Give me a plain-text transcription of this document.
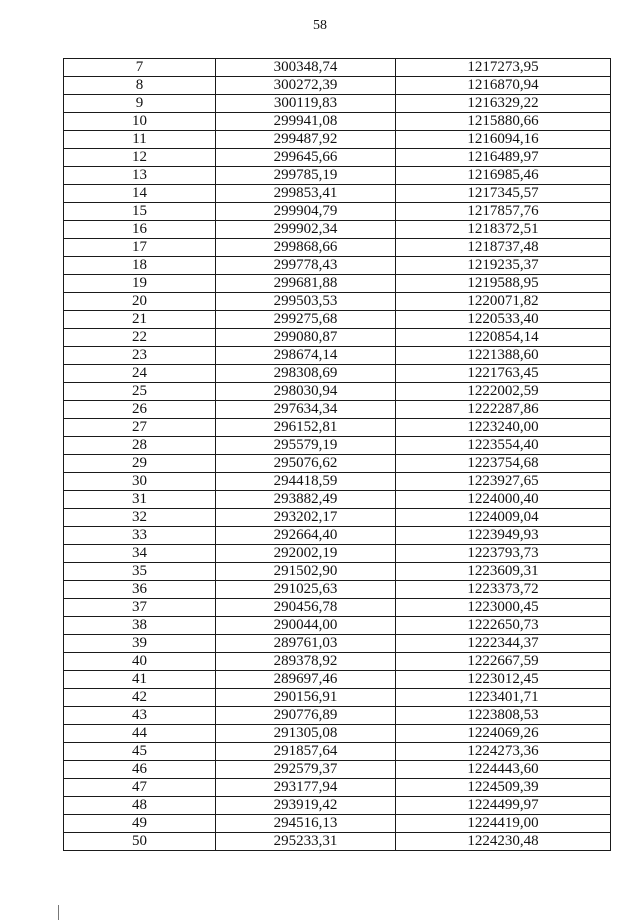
58
7	300348,74	1217273,95
8	300272,39	1216870,94
9	300119,83	1216329,22
10	299941,08	1215880,66
11	299487,92	1216094,16
12	299645,66	1216489,97
13	299785,19	1216985,46
14	299853,41	1217345,57
15	299904,79	1217857,76
16	299902,34	1218372,51
17	299868,66	1218737,48
18	299778,43	1219235,37
19	299681,88	1219588,95
20	299503,53	1220071,82
21	299275,68	1220533,40
22	299080,87	1220854,14
23	298674,14	1221388,60
24	298308,69	1221763,45
25	298030,94	1222002,59
26	297634,34	1222287,86
27	296152,81	1223240,00
28	295579,19	1223554,40
29	295076,62	1223754,68
30	294418,59	1223927,65
31	293882,49	1224000,40
32	293202,17	1224009,04
33	292664,40	1223949,93
34	292002,19	1223793,73
35	291502,90	1223609,31
36	291025,63	1223373,72
37	290456,78	1223000,45
38	290044,00	1222650,73
39	289761,03	1222344,37
40	289378,92	1222667,59
41	289697,46	1223012,45
42	290156,91	1223401,71
43	290776,89	1223808,53
44	291305,08	1224069,26
45	291857,64	1224273,36
46	292579,37	1224443,60
47	293177,94	1224509,39
48	293919,42	1224499,97
49	294516,13	1224419,00
50	295233,31	1224230,48
